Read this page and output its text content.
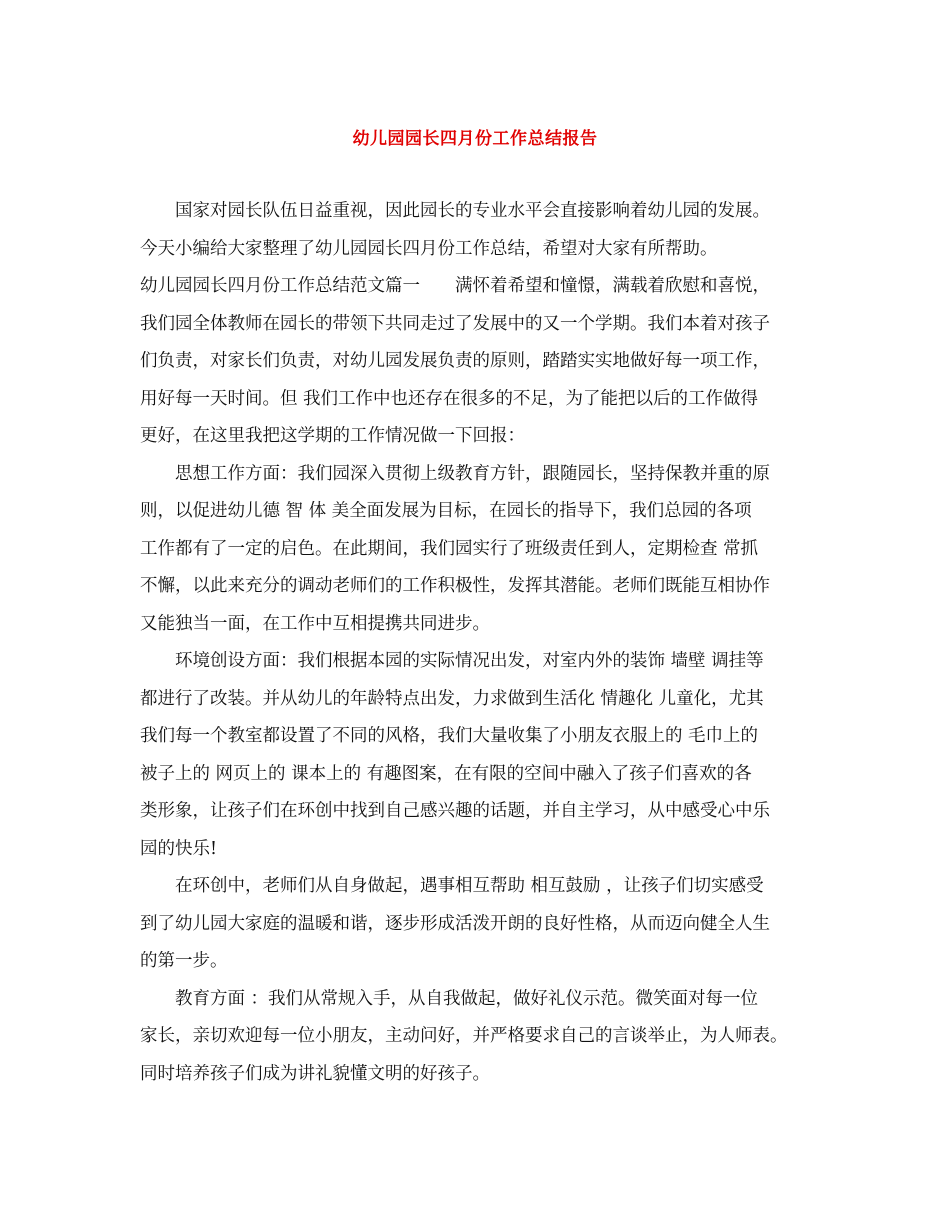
幼儿园园长四月份工作总结报告
　　国家对园长队伍日益重视，因此园长的专业水平会直接影响着幼儿园的发展。
今天小编给大家整理了幼儿园园长四月份工作总结，希望对大家有所帮助。
幼儿园园长四月份工作总结范文篇一　　满怀着希望和憧憬，满载着欣慰和喜悦，
我们园全体教师在园长的带领下共同走过了发展中的又一个学期。我们本着对孩子
们负责，对家长们负责，对幼儿园发展负责的原则，踏踏实实地做好每一项工作，
用好每一天时间。但 我们工作中也还存在很多的不足，为了能把以后的工作做得
更好，在这里我把这学期的工作情况做一下回报：
　　思想工作方面：我们园深入贯彻上级教育方针，跟随园长，坚持保教并重的原
则，以促进幼儿德 智 体 美全面发展为目标，在园长的指导下，我们总园的各项
工作都有了一定的启色。在此期间，我们园实行了班级责任到人，定期检查 常抓
不懈，以此来充分的调动老师们的工作积极性，发挥其潜能。老师们既能互相协作
又能独当一面，在工作中互相提携共同进步。
　　环境创设方面：我们根据本园的实际情况出发，对室内外的装饰 墙壁 调挂等
都进行了改装。并从幼儿的年龄特点出发，力求做到生活化 情趣化 儿童化，尤其
我们每一个教室都设置了不同的风格，我们大量收集了小朋友衣服上的 毛巾上的
被子上的 网页上的 课本上的 有趣图案，在有限的空间中融入了孩子们喜欢的各
类形象，让孩子们在环创中找到自己感兴趣的话题，并自主学习，从中感受心中乐
园的快乐!
　　在环创中，老师们从自身做起，遇事相互帮助 相互鼓励 ，让孩子们切实感受
到了幼儿园大家庭的温暖和谐，逐步形成活泼开朗的良好性格，从而迈向健全人生
的第一步。
　　教育方面 ：我们从常规入手，从自我做起，做好礼仪示范。微笑面对每一位
家长，亲切欢迎每一位小朋友，主动问好，并严格要求自己的言谈举止，为人师表。
同时培养孩子们成为讲礼貌懂文明的好孩子。
